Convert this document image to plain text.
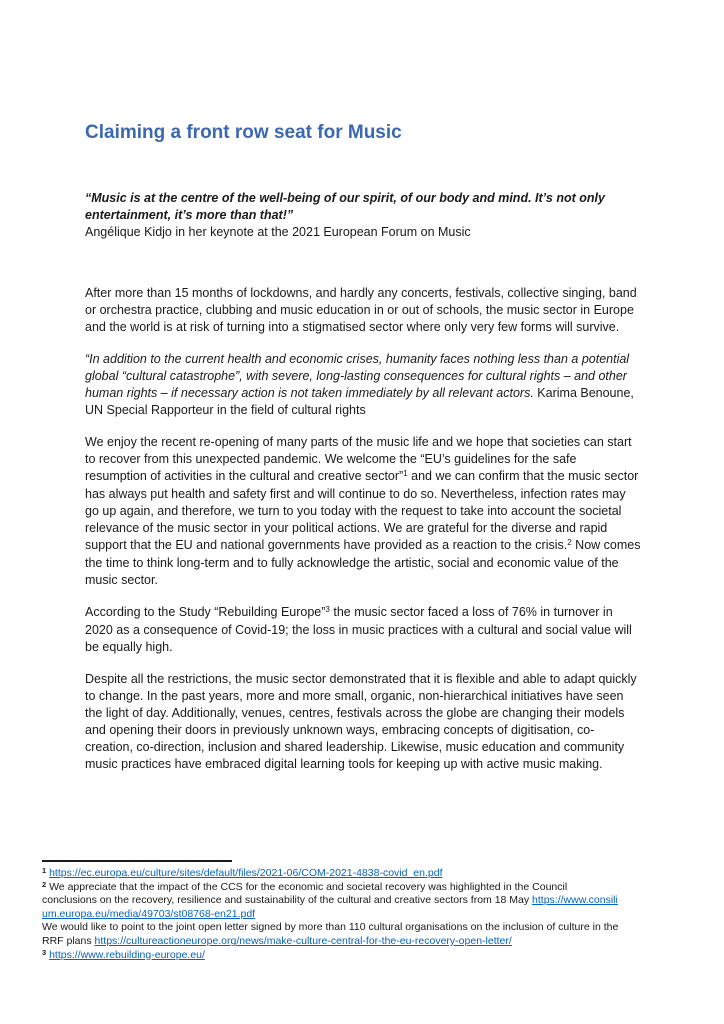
Claiming a front row seat for Music
“Music is at the centre of the well-being of our spirit, of our body and mind. It’s not only entertainment, it’s more than that!”
Angélique Kidjo in her keynote at the 2021 European Forum on Music

After more than 15 months of lockdowns, and hardly any concerts, festivals, collective singing, band or orchestra practice, clubbing and music education in or out of schools, the music sector in Europe and the world is at risk of turning into a stigmatised sector where only very few forms will survive.

“In addition to the current health and economic crises, humanity faces nothing less than a potential global “cultural catastrophe”, with severe, long-lasting consequences for cultural rights – and other human rights – if necessary action is not taken immediately by all relevant actors. Karima Benoune, UN Special Rapporteur in the field of cultural rights

We enjoy the recent re-opening of many parts of the music life and we hope that societies can start to recover from this unexpected pandemic. We welcome the “EU’s guidelines for the safe resumption of activities in the cultural and creative sector”$^1$ and we can confirm that the music sector has always put health and safety first and will continue to do so. Nevertheless, infection rates may go up again, and therefore, we turn to you today with the request to take into account the societal relevance of the music sector in your political actions. We are grateful for the diverse and rapid support that the EU and national governments have provided as a reaction to the crisis.$^2$ Now comes the time to think long-term and to fully acknowledge the artistic, social and economic value of the music sector.

According to the Study “Rebuilding Europe”$^3$ the music sector faced a loss of 76% in turnover in 2020 as a consequence of Covid-19; the loss in music practices with a cultural and social value will be equally high.

Despite all the restrictions, the music sector demonstrated that it is flexible and able to adapt quickly to change. In the past years, more and more small, organic, non-hierarchical initiatives have seen the light of day. Additionally, venues, centres, festivals across the globe are changing their models and opening their doors in previously unknown ways, embracing concepts of digitisation, co-creation, co-direction, inclusion and shared leadership. Likewise, music education and community music practices have embraced digital learning tools for keeping up with active music making.

$^1$ https://ec.europa.eu/culture/sites/default/files/2021-06/COM-2021-4838-covid_en.pdf
$^2$ We appreciate that the impact of the CCS for the economic and societal recovery was highlighted in the Council conclusions on the recovery, resilience and sustainability of the cultural and creative sectors from 18 May https://www.consilium.europa.eu/media/49703/st08768-en21.pdf
We would like to point to the joint open letter signed by more than 110 cultural organisations on the inclusion of culture in the RRF plans https://cultureactioneurope.org/news/make-culture-central-for-the-eu-recovery-open-letter/
$^3$ https://www.rebuilding-europe.eu/
